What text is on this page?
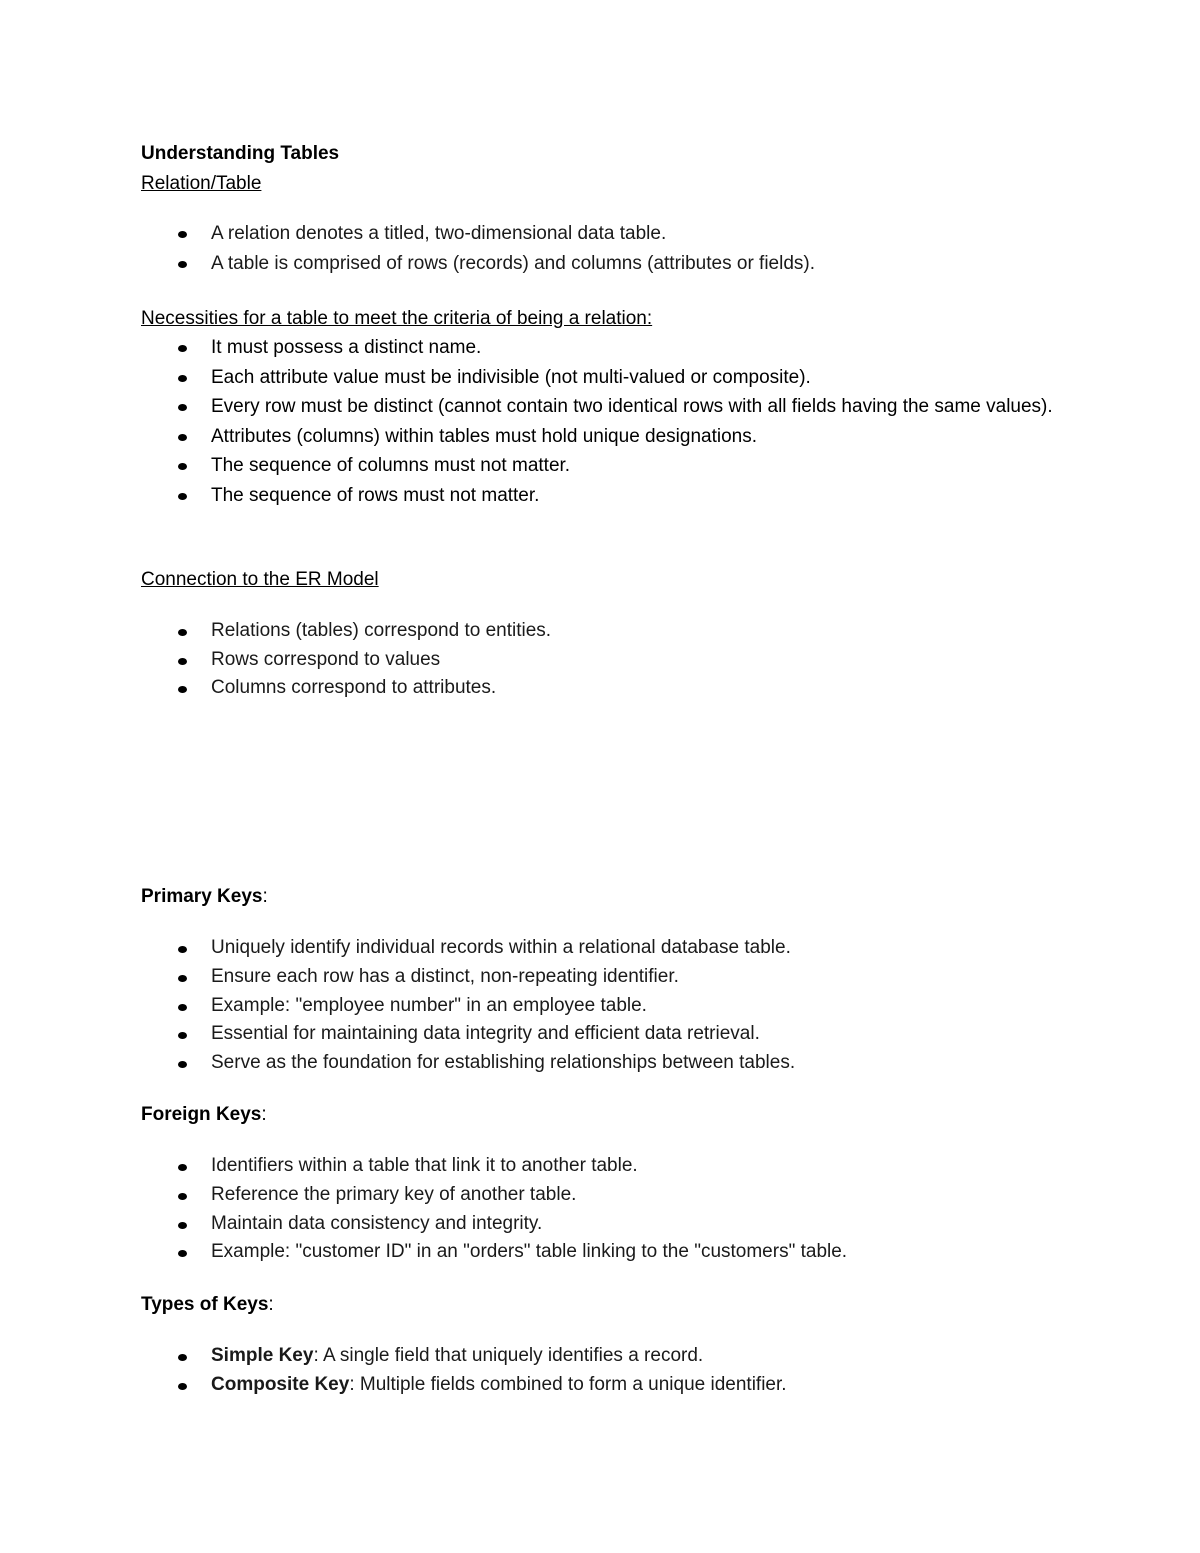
Understanding Tables

Relation/Table

A relation denotes a titled, two-dimensional data table.
A table is comprised of rows (records) and columns (attributes or fields).

Necessities for a table to meet the criteria of being a relation:

It must possess a distinct name.
Each attribute value must be indivisible (not multi-valued or composite).
Every row must be distinct (cannot contain two identical rows with all fields having the same values).
Attributes (columns) within tables must hold unique designations.
The sequence of columns must not matter.
The sequence of rows must not matter.

Connection to the ER Model

Relations (tables) correspond to entities.
Rows correspond to values
Columns correspond to attributes.

Primary Keys:

Uniquely identify individual records within a relational database table.
Ensure each row has a distinct, non-repeating identifier.
Example: "employee number" in an employee table.
Essential for maintaining data integrity and efficient data retrieval.
Serve as the foundation for establishing relationships between tables.

Foreign Keys:

Identifiers within a table that link it to another table.
Reference the primary key of another table.
Maintain data consistency and integrity.
Example: "customer ID" in an "orders" table linking to the "customers" table.

Types of Keys:

Simple Key: A single field that uniquely identifies a record.
Composite Key: Multiple fields combined to form a unique identifier.
